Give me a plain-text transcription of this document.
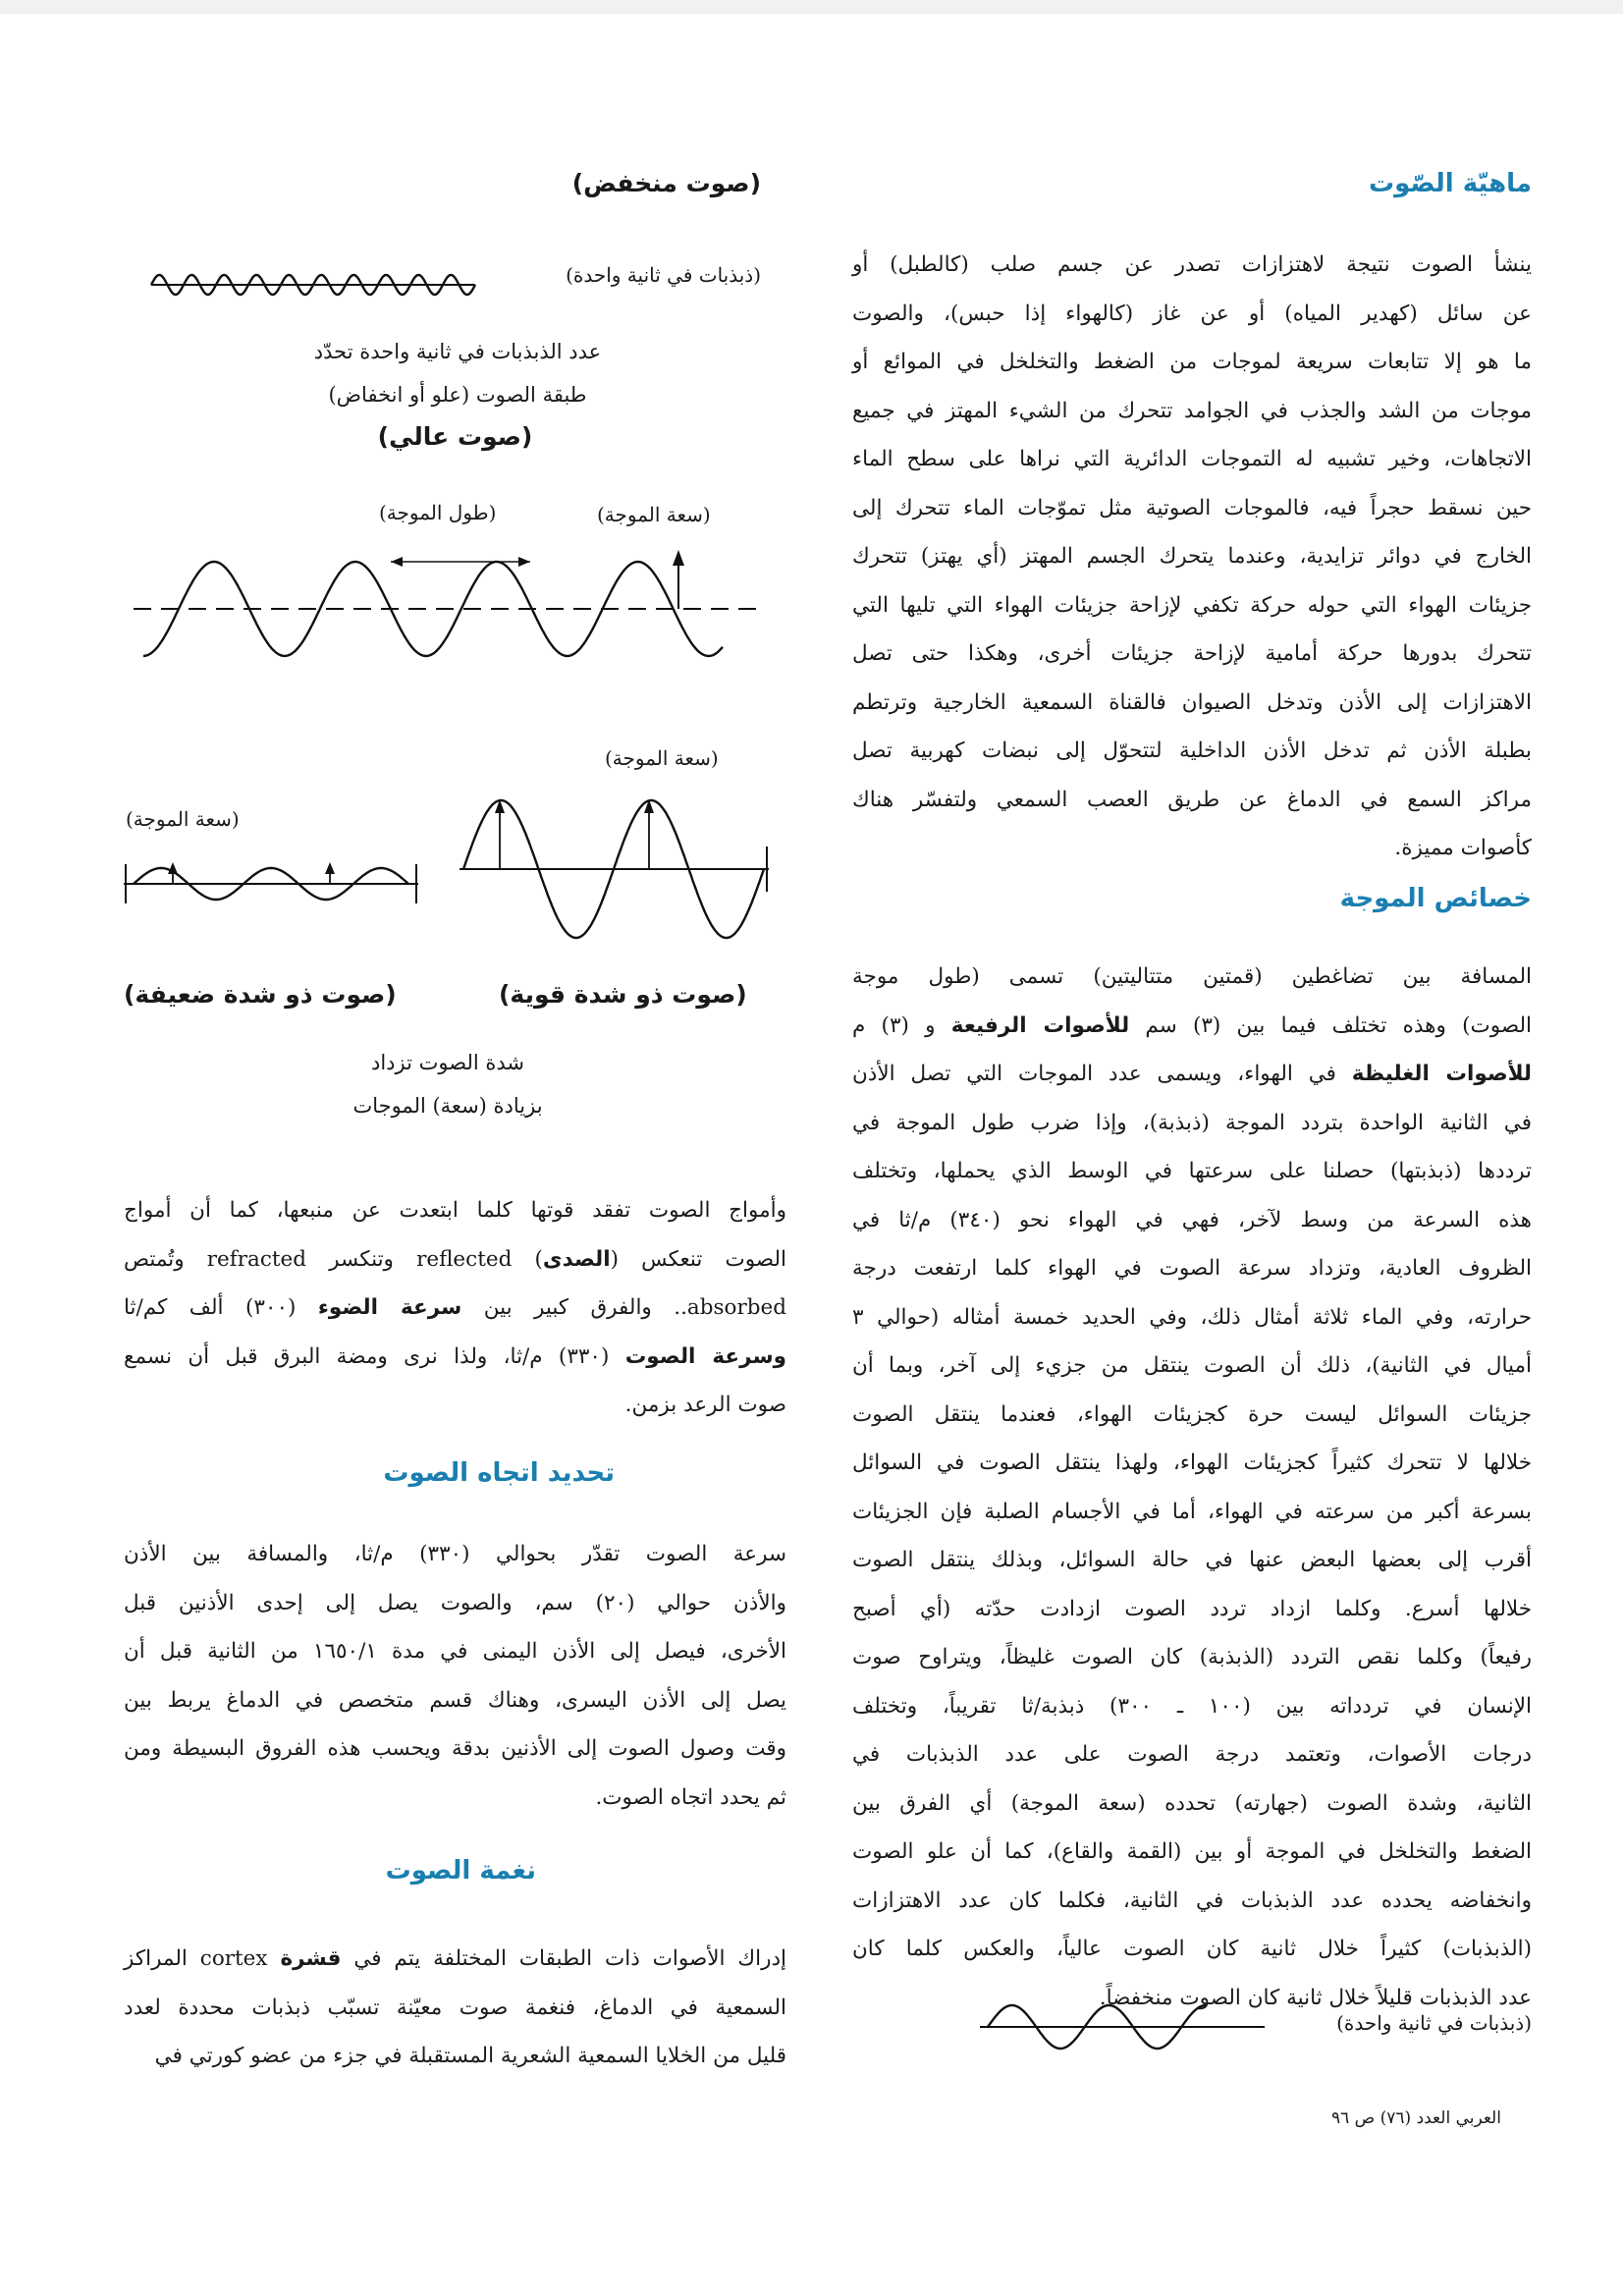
ماهيّة الصّوت
ينشأ الصوت نتيجة لاهتزازات تصدر عن جسم صلب (كالطبل) أو
عن سائل (كهدير المياه) أو عن غاز (كالهواء إذا حبس)، والصوت
ما هو إلا تتابعات سريعة لموجات من الضغط والتخلخل في الموائع أو
موجات من الشد والجذب في الجوامد تتحرك من الشيء المهتز في جميع
الاتجاهات، وخير تشبيه له التموجات الدائرية التي نراها على سطح الماء
حين نسقط حجراً فيه، فالموجات الصوتية مثل تموّجات الماء تتحرك إلى
الخارج في دوائر تزايدية، وعندما يتحرك الجسم المهتز (أي يهتز) تتحرك
جزيئات الهواء التي حوله حركة تكفي لإزاحة جزيئات الهواء التي تليها التي
تتحرك بدورها حركة أمامية لإزاحة جزيئات أخرى، وهكذا حتى تصل
الاهتزازات إلى الأذن وتدخل الصيوان فالقناة السمعية الخارجية وترتطم
بطبلة الأذن ثم تدخل الأذن الداخلية لتتحوّل إلى نبضات كهربية تصل
مراكز السمع في الدماغ عن طريق العصب السمعي ولتفسّر هناك
كأصوات مميزة.
خصائص الموجة
المسافة بين تضاغطين (قمتين متتاليتين) تسمى (طول موجة
الصوت) وهذه تختلف فيما بين (٣) سم للأصوات الرفيعة و (٣) م
للأصوات الغليظة في الهواء، ويسمى عدد الموجات التي تصل الأذن
في الثانية الواحدة بتردد الموجة (ذبذبة)، وإذا ضرب طول الموجة في
ترددها (ذبذبتها) حصلنا على سرعتها في الوسط الذي يحملها، وتختلف
هذه السرعة من وسط لآخر، فهي في الهواء نحو (٣٤٠) م/ثا في
الظروف العادية، وتزداد سرعة الصوت في الهواء كلما ارتفعت درجة
حرارته، وفي الماء ثلاثة أمثال ذلك، وفي الحديد خمسة أمثاله (حوالي ٣
أميال في الثانية)، ذلك أن الصوت ينتقل من جزيء إلى آخر، وبما أن
جزيئات السوائل ليست حرة كجزيئات الهواء، فعندما ينتقل الصوت
خلالها لا تتحرك كثيراً كجزيئات الهواء، ولهذا ينتقل الصوت في السوائل
بسرعة أكبر من سرعته في الهواء، أما في الأجسام الصلبة فإن الجزيئات
أقرب إلى بعضها البعض عنها في حالة السوائل، وبذلك ينتقل الصوت
خلالها أسرع. وكلما ازداد تردد الصوت ازدادت حدّته (أي أصبح
رفيعاً) وكلما نقص التردد (الذبذبة) كان الصوت غليظاً، ويتراوح صوت
الإنسان في تردداته بين (١٠٠ ـ ٣٠٠) ذبذبة/ثا تقريباً، وتختلف
درجات الأصوات، وتعتمد درجة الصوت على عدد الذبذبات في
الثانية، وشدة الصوت (جهارته) تحدده (سعة الموجة) أي الفرق بين
الضغط والتخلخل في الموجة أو بين (القمة والقاع)، كما أن علو الصوت
وانخفاضه يحدده عدد الذبذبات في الثانية، فكلما كان عدد الاهتزازات
(الذبذبات) كثيراً خلال ثانية كان الصوت عالياً، والعكس كلما كان
عدد الذبذبات قليلاً خلال ثانية كان الصوت منخفضاً.
(ذبذبات في ثانية واحدة)
(صوت منخفض)
(ذبذبات في ثانية واحدة)
عدد الذبذبات في ثانية واحدة تحدّد
طبقة الصوت (علو أو انخفاض)
(صوت عالي)
(طول الموجة)	(سعة الموجة)
(سعة الموجة)
(سعة الموجة)
(صوت ذو شدة قوية)
(صوت ذو شدة ضعيفة)
شدة الصوت تزداد
بزيادة (سعة) الموجات
وأمواج الصوت تفقد قوتها كلما ابتعدت عن منبعها، كما أن أمواج
الصوت تنعكس (الصدى) reflected وتنكسر refracted وتُمتص
absorbed.. والفرق كبير بين سرعة الضوء (٣٠٠) ألف كم/ثا
وسرعة الصوت (٣٣٠) م/ثا، ولذا نرى ومضة البرق قبل أن نسمع
صوت الرعد بزمن.
تحديد اتجاه الصوت
سرعة الصوت تقدّر بحوالي (٣٣٠) م/ثا، والمسافة بين الأذن
والأذن حوالي (٢٠) سم، والصوت يصل إلى إحدى الأذنين قبل
الأخرى، فيصل إلى الأذن اليمنى في مدة ١٦٥٠/١ من الثانية قبل أن
يصل إلى الأذن اليسرى، وهناك قسم متخصص في الدماغ يربط بين
وقت وصول الصوت إلى الأذنين بدقة ويحسب هذه الفروق البسيطة ومن
ثم يحدد اتجاه الصوت.
نغمة الصوت
إدراك الأصوات ذات الطبقات المختلفة يتم في قشرة cortex المراكز
السمعية في الدماغ، فنغمة صوت معيّنة تسبّب ذبذبات محددة لعدد
قليل من الخلايا السمعية الشعرية المستقبلة في جزء من عضو كورتي في
العربي العدد (٧٦) ص ٩٦
